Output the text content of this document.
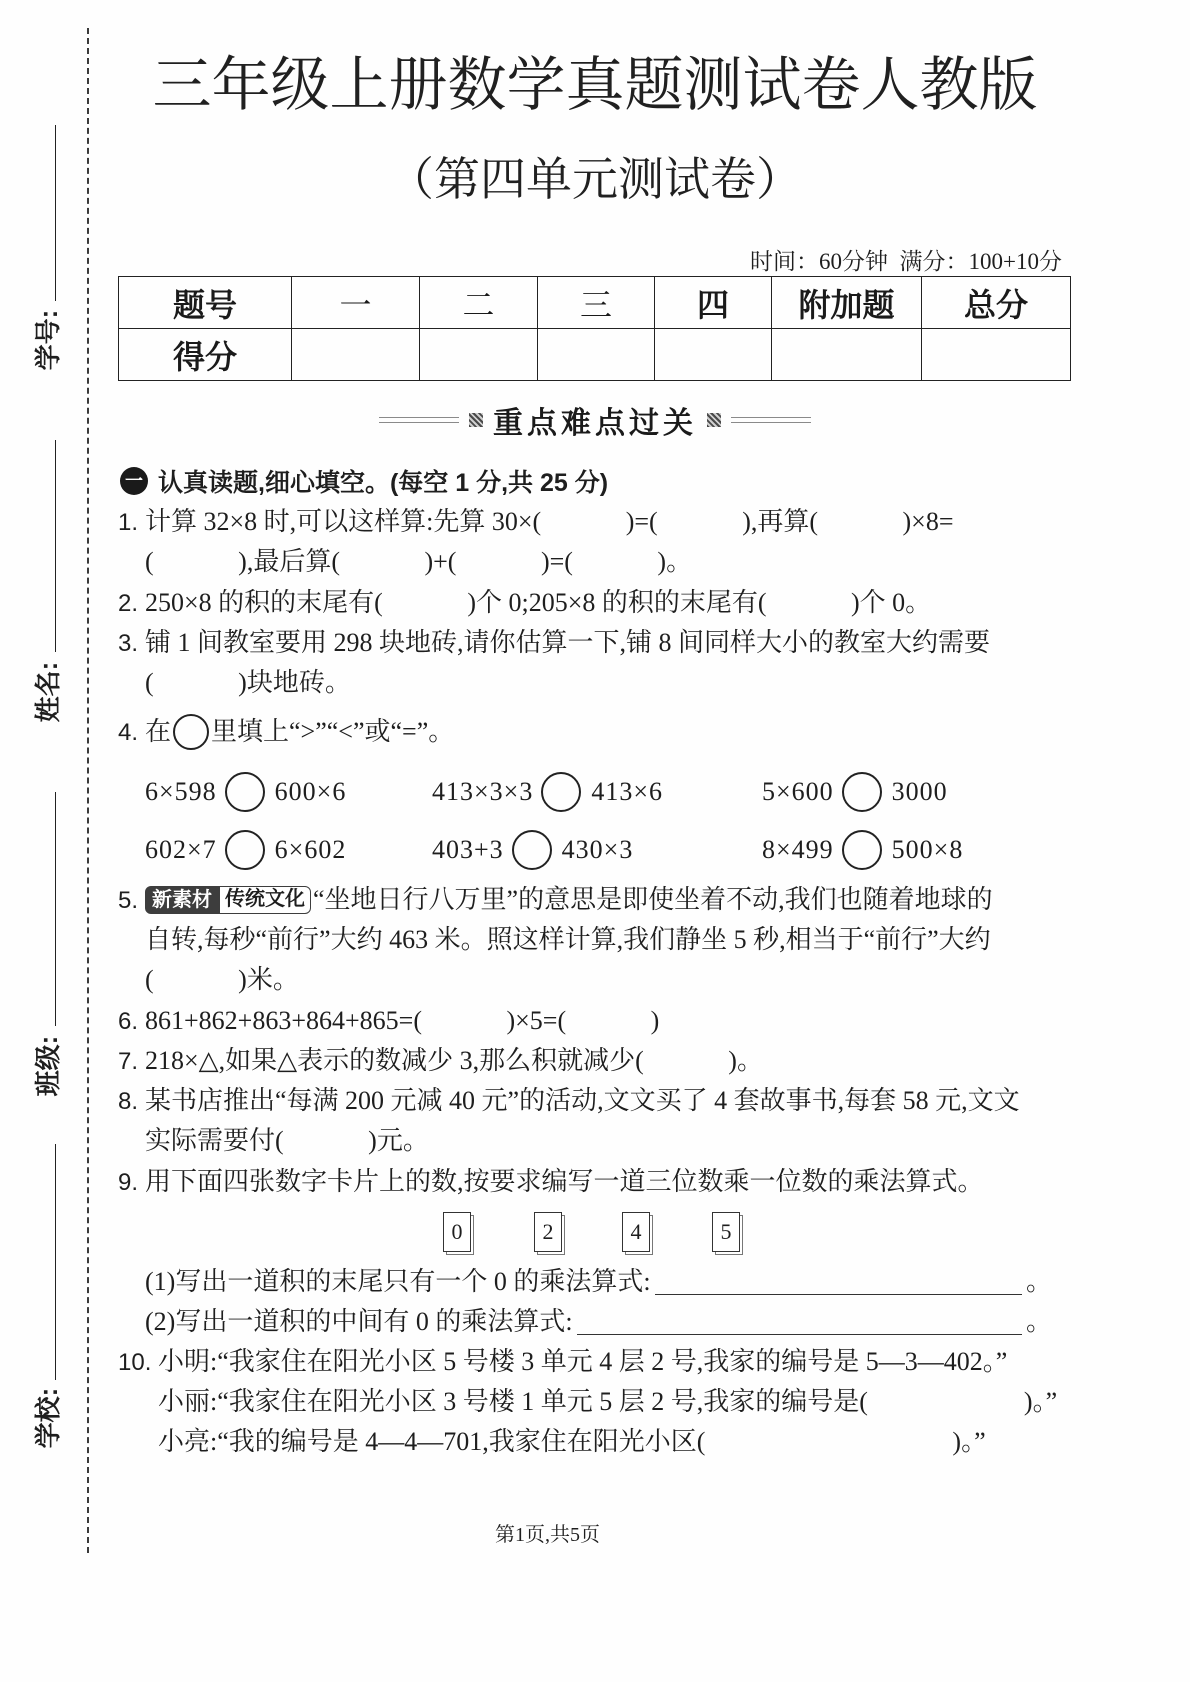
学号:
姓名:
班级:
学校:
三年级上册数学真题测试卷人教版
（第四单元测试卷）
时间：60分钟  满分：100+10分
题号	一	二	三	四	附加题	总分
得分						
重点难点过关
一 认真读题,细心填空。(每空 1 分,共 25 分)
1. 计算 32×8 时,可以这样算:先算 30×(             )=(             ),再算(             )×8=
(             ),最后算(             )+(             )=(             )。
2. 250×8 的积的末尾有(             )个 0;205×8 的积的末尾有(             )个 0。
3. 铺 1 间教室要用 298 块地砖,请你估算一下,铺 8 间同样大小的教室大约需要
(             )块地砖。
4. 在 里填上“>”“<”或“=”。
6×598 600×6	413×3×3 413×6	5×600 3000
602×7 6×602	403+3 430×3	8×499 500×8
5. 新素材 传统文化 “坐地日行八万里”的意思是即使坐着不动,我们也随着地球的
自转,每秒“前行”大约 463 米。照这样计算,我们静坐 5 秒,相当于“前行”大约
(             )米。
6. 861+862+863+864+865=(             )×5=(             )
7. 218×△,如果△表示的数减少 3,那么积就减少(             )。
8. 某书店推出“每满 200 元减 40 元”的活动,文文买了 4 套故事书,每套 58 元,文文
实际需要付(             )元。
9. 用下面四张数字卡片上的数,按要求编写一道三位数乘一位数的乘法算式。
0	2	4	5
(1)写出一道积的末尾只有一个 0 的乘法算式:	。
(2)写出一道积的中间有 0 的乘法算式:	。
10. 小明:“我家住在阳光小区 5 号楼 3 单元 4 层 2 号,我家的编号是 5—3—402。”
小丽:“我家住在阳光小区 3 号楼 1 单元 5 层 2 号,我家的编号是(                        )。”
小亮:“我的编号是 4—4—701,我家住在阳光小区(                                      )。”
第1页,共5页
